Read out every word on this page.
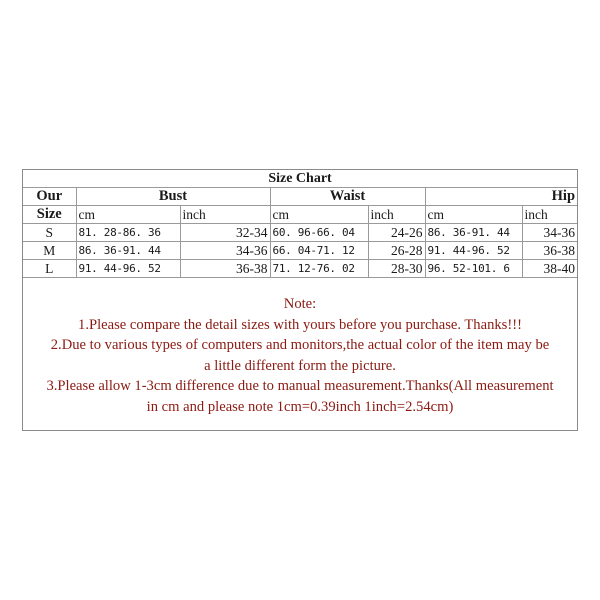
Size Chart						
Our	Bust		Waist		Hip	
Size	cm	inch	cm	inch	cm	inch
S	81. 28-86. 36	32-34	60. 96-66. 04	24-26	86. 36-91. 44	34-36
M	86. 36-91. 44	34-36	66. 04-71. 12	26-28	91. 44-96. 52	36-38
L	91. 44-96. 52	36-38	71. 12-76. 02	28-30	96. 52-101. 6	38-40
Note:
1.Please compare the detail sizes with yours before you purchase. Thanks!!!
2.Due to various types of computers and monitors,the actual color of the item may be
a little different form the picture.
3.Please allow 1-3cm difference due to manual measurement.Thanks(All measurement
in cm and please note 1cm=0.39inch 1inch=2.54cm)
